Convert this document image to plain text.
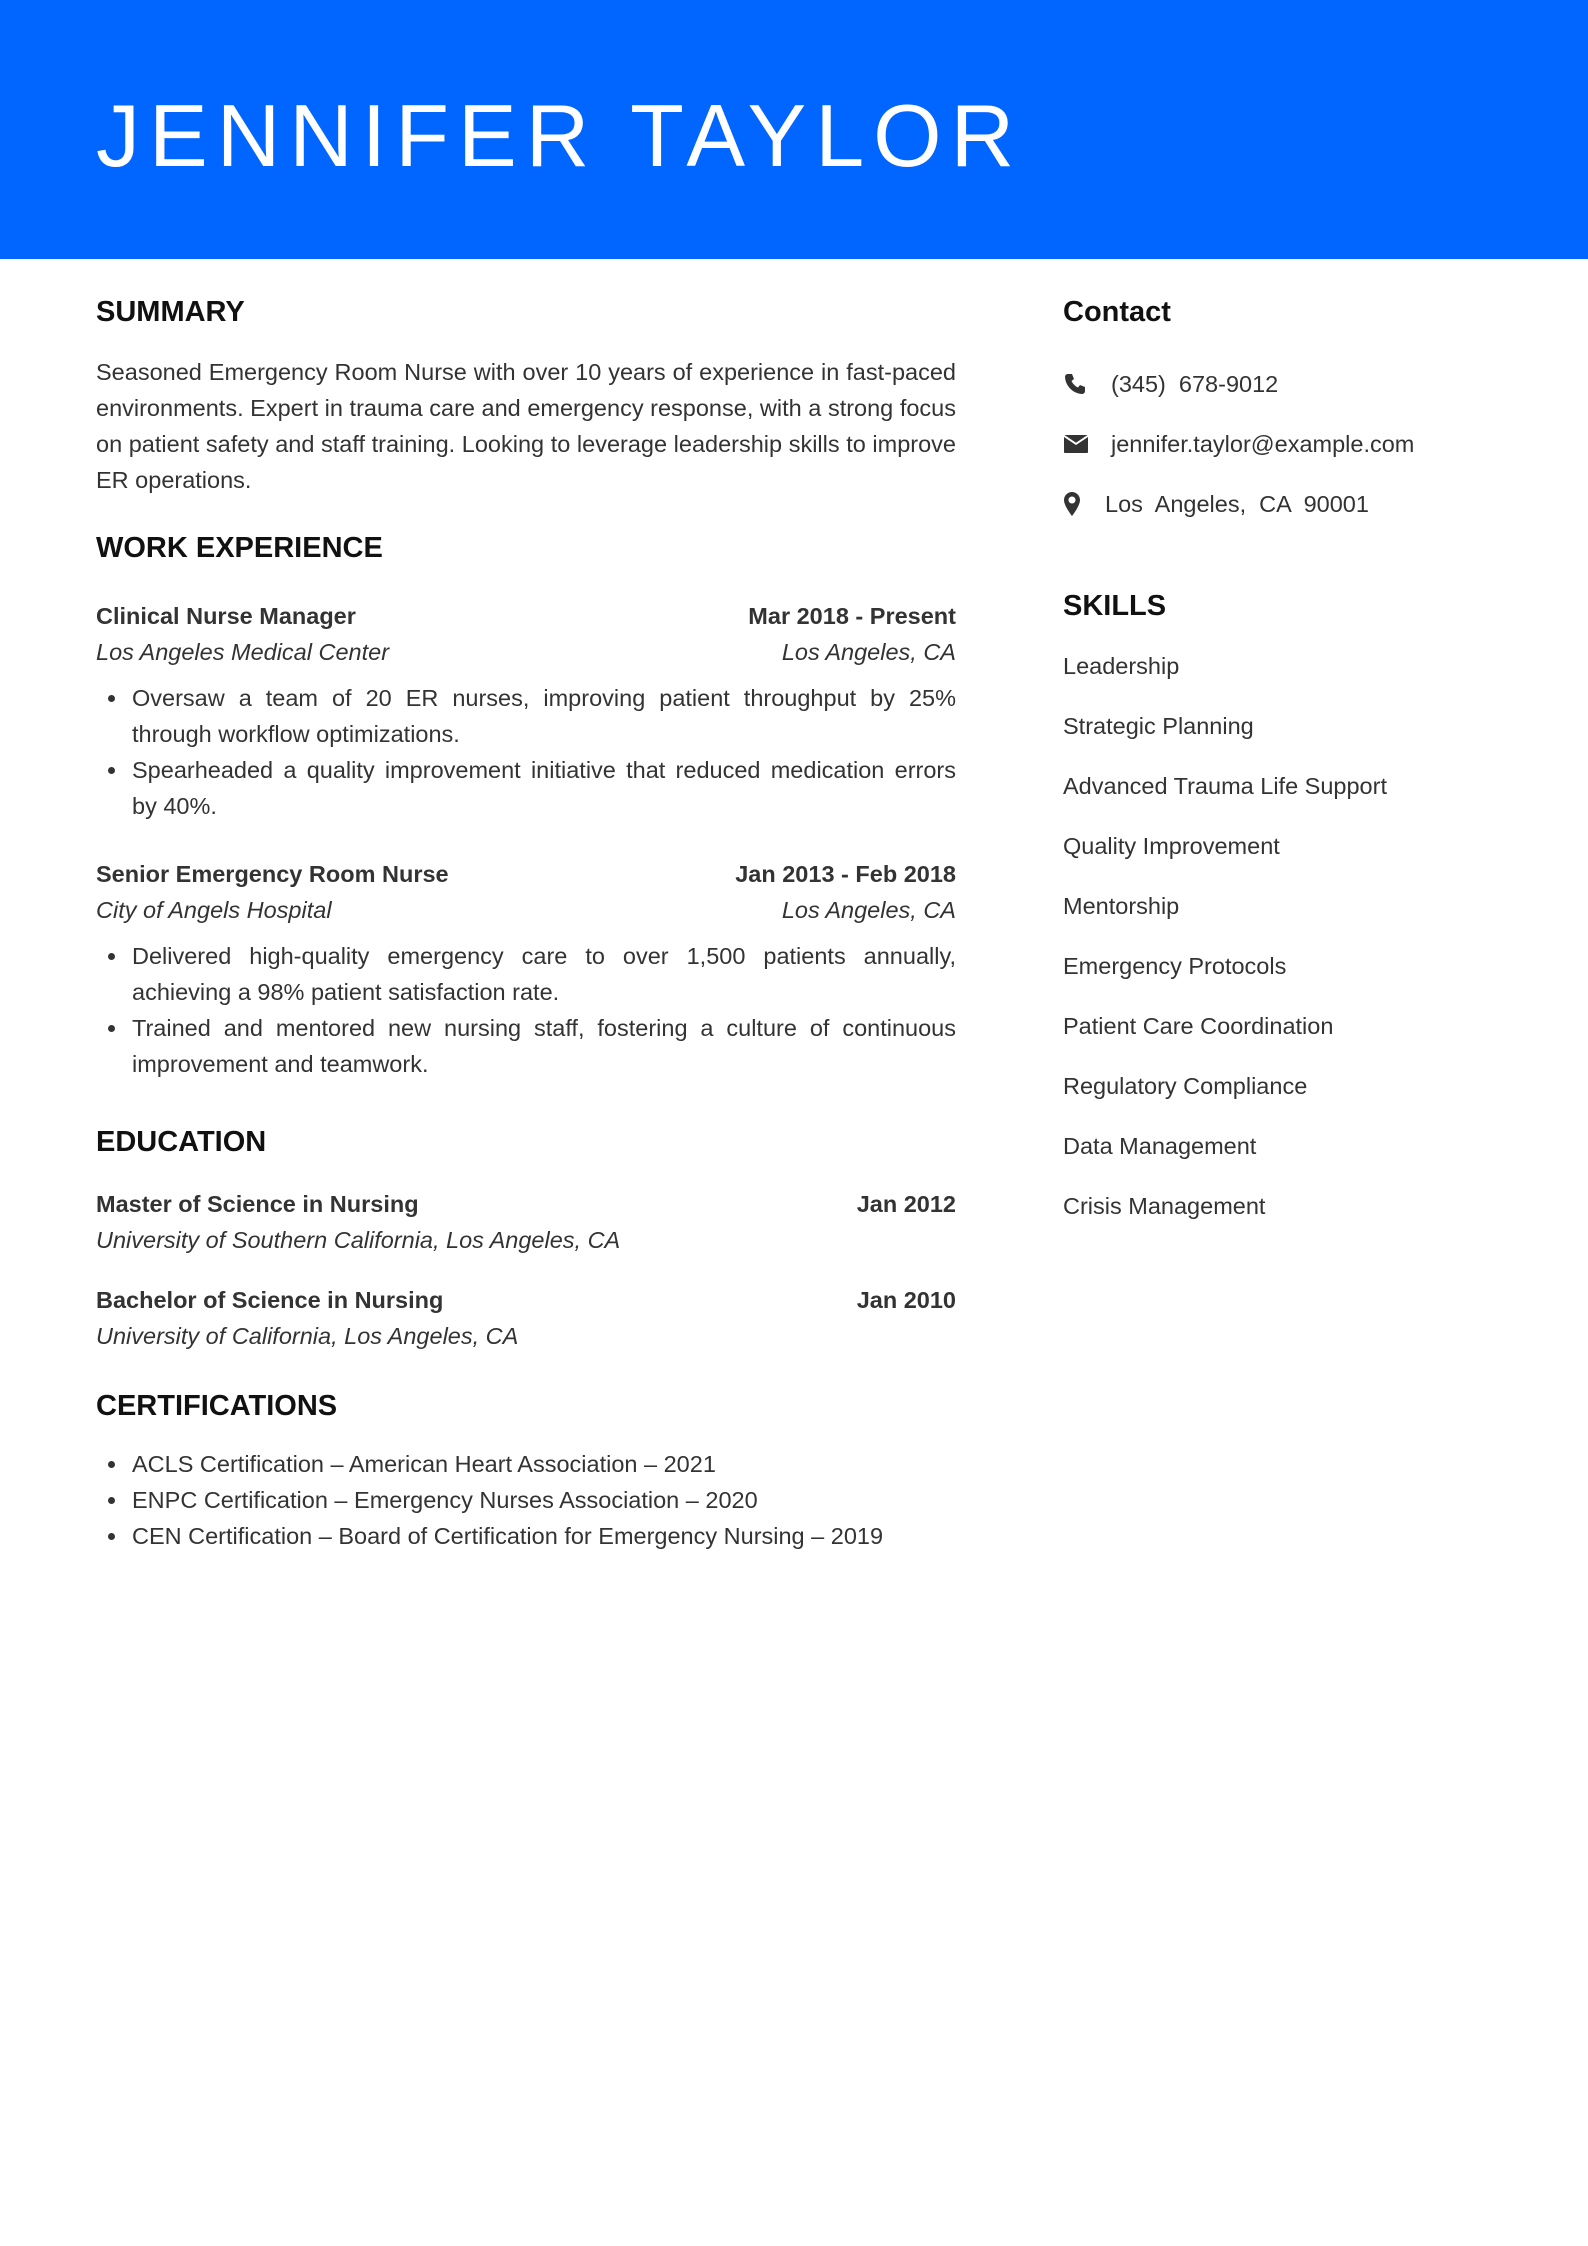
JENNIFER TAYLOR
SUMMARY
Seasoned Emergency Room Nurse with over 10 years of experience in fast-paced environments. Expert in trauma care and emergency response, with a strong focus on patient safety and staff training. Looking to leverage leadership skills to improve ER operations.
WORK EXPERIENCE
Clinical Nurse Manager	Mar 2018 - Present
Los Angeles Medical Center	Los Angeles, CA
Oversaw a team of 20 ER nurses, improving patient throughput by 25% through workflow optimizations.
Spearheaded a quality improvement initiative that reduced medication errors by 40%.
Senior Emergency Room Nurse	Jan 2013 - Feb 2018
City of Angels Hospital	Los Angeles, CA
Delivered high-quality emergency care to over 1,500 patients annually, achieving a 98% patient satisfaction rate.
Trained and mentored new nursing staff, fostering a culture of continuous improvement and teamwork.
EDUCATION
Master of Science in Nursing	Jan 2012
University of Southern California, Los Angeles, CA
Bachelor of Science in Nursing	Jan 2010
University of California, Los Angeles, CA
CERTIFICATIONS
ACLS Certification – American Heart Association – 2021
ENPC Certification – Emergency Nurses Association – 2020
CEN Certification – Board of Certification for Emergency Nursing – 2019
Contact
(345)  678-9012
jennifer.taylor@example.com
Los  Angeles,  CA  90001
SKILLS
Leadership
Strategic Planning
Advanced Trauma Life Support
Quality Improvement
Mentorship
Emergency Protocols
Patient Care Coordination
Regulatory Compliance
Data Management
Crisis Management
